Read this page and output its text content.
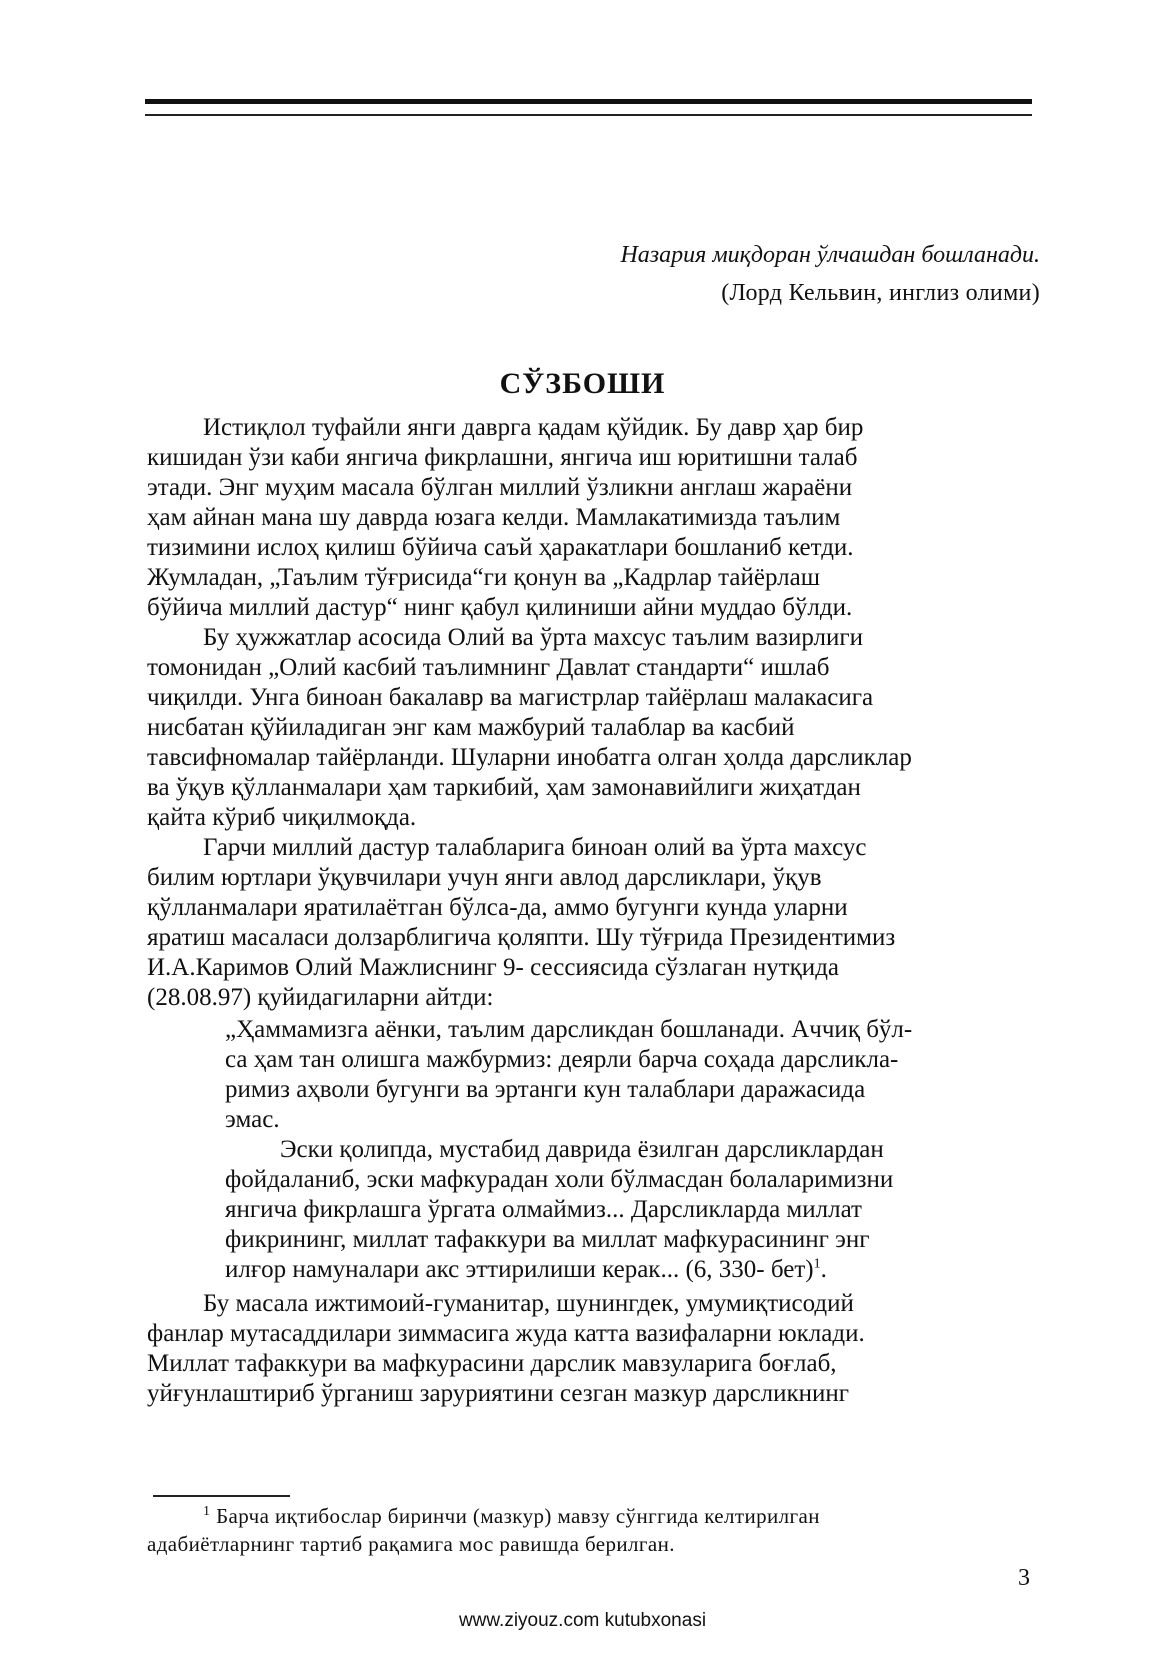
Назария миқдоран ўлчашдан бошланади.
(Лорд Кельвин, инглиз олими)
СЎЗБОШИ
Истиқлол туфайли янги даврга қадам қўйдик. Бу давр ҳар бир
кишидан ўзи каби янгича фикрлашни, янгича иш юритишни талаб
этади. Энг муҳим масала бўлган миллий ўзликни англаш жараёни
ҳам айнан мана шу даврда юзага келди. Мамлакатимизда таълим
тизимини ислоҳ қилиш бўйича саъй ҳаракатлари бошланиб кетди.
Жумладан, „Таълим тўғрисида“ги қонун ва „Кадрлар тайёрлаш
бўйича миллий дастур“ нинг қабул қилиниши айни муддао бўлди.
Бу ҳужжатлар асосида Олий ва ўрта махсус таълим вазирлиги
томонидан „Олий касбий таълимнинг Давлат стандарти“ ишлаб
чиқилди. Унга биноан бакалавр ва магистрлар тайёрлаш малакасига
нисбатан қўйиладиган энг кам мажбурий талаблар ва касбий
тавсифномалар тайёрланди. Шуларни инобатга олган ҳолда дарсликлар
ва ўқув қўлланмалари ҳам таркибий, ҳам замонавийлиги жиҳатдан
қайта кўриб чиқилмоқда.
Гарчи миллий дастур талабларига биноан олий ва ўрта махсус
билим юртлари ўқувчилари учун янги авлод дарсликлари, ўқув
қўлланмалари яратилаётган бўлса-да, аммо бугунги кунда уларни
яратиш масаласи долзарблигича қоляпти. Шу тўғрида Президентимиз
И.А.Каримов Олий Мажлиснинг 9- сессиясида сўзлаган нутқида
(28.08.97) қуйидагиларни айтди:
„Ҳаммамизга аёнки, таълим дарсликдан бошланади. Аччиқ бўл-
са ҳам тан олишга мажбурмиз: деярли барча соҳада дарсликла-
римиз аҳволи бугунги ва эртанги кун талаблари даражасида
эмас.
Эски қолипда, мустабид даврида ёзилган дарсликлардан
фойдаланиб, эски мафкурадан холи бўлмасдан болаларимизни
янгича фикрлашга ўргата олмаймиз... Дарсликларда миллат
фикрининг, миллат тафаккури ва миллат мафкурасининг энг
илғор намуналари акс эттирилиши керак... (6, 330- бет)$^1$.
Бу масала ижтимоий-гуманитар, шунингдек, умумиқтисодий
фанлар мутасаддилари зиммасига жуда катта вазифаларни юклади.
Миллат тафаккури ва мафкурасини дарслик мавзуларига боғлаб,
уйғунлаштириб ўрганиш заруриятини сезган мазкур дарсликнинг
$^1$ Барча иқтибослар биринчи (мазкур) мавзу сўнггида келтирилган
адабиётларнинг тартиб рақамига мос равишда берилган.
3
www.ziyouz.com kutubxonasi
